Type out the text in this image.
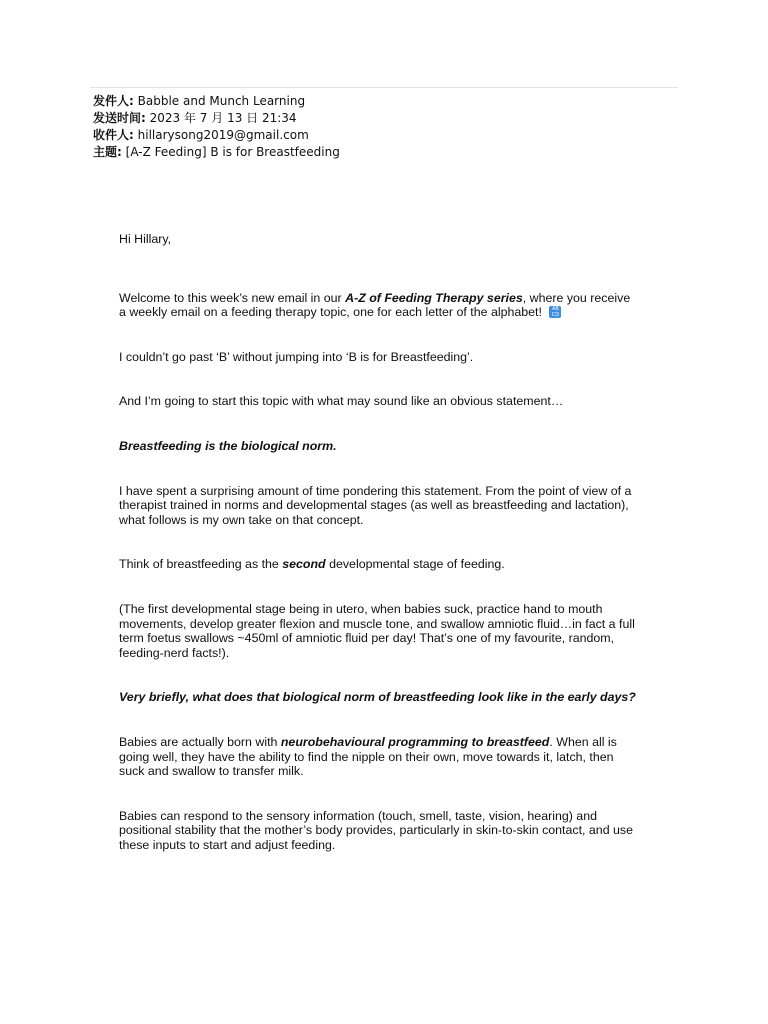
发件人: Babble and Munch Learning
发送时间: 2023 年 7 月 13 日 21:34
收件人: hillarysong2019@gmail.com
主题: [A-Z Feeding] B is for Breastfeeding

Hi Hillary,

Welcome to this week’s new email in our A-Z of Feeding Therapy series, where you receive a weekly email on a feeding therapy topic, one for each letter of the alphabet! AB
CD

I couldn’t go past ‘B’ without jumping into ‘B is for Breastfeeding’.

And I’m going to start this topic with what may sound like an obvious statement…

Breastfeeding is the biological norm.

I have spent a surprising amount of time pondering this statement. From the point of view of a therapist trained in norms and developmental stages (as well as breastfeeding and lactation), what follows is my own take on that concept.

Think of breastfeeding as the second developmental stage of feeding.

(The first developmental stage being in utero, when babies suck, practice hand to mouth movements, develop greater flexion and muscle tone, and swallow amniotic fluid…in fact a full term foetus swallows ~450ml of amniotic fluid per day! That’s one of my favourite, random, feeding-nerd facts!).

Very briefly, what does that biological norm of breastfeeding look like in the early days?

Babies are actually born with neurobehavioural programming to breastfeed. When all is going well, they have the ability to find the nipple on their own, move towards it, latch, then suck and swallow to transfer milk.

Babies can respond to the sensory information (touch, smell, taste, vision, hearing) and positional stability that the mother’s body provides, particularly in skin-to-skin contact, and use these inputs to start and adjust feeding.
